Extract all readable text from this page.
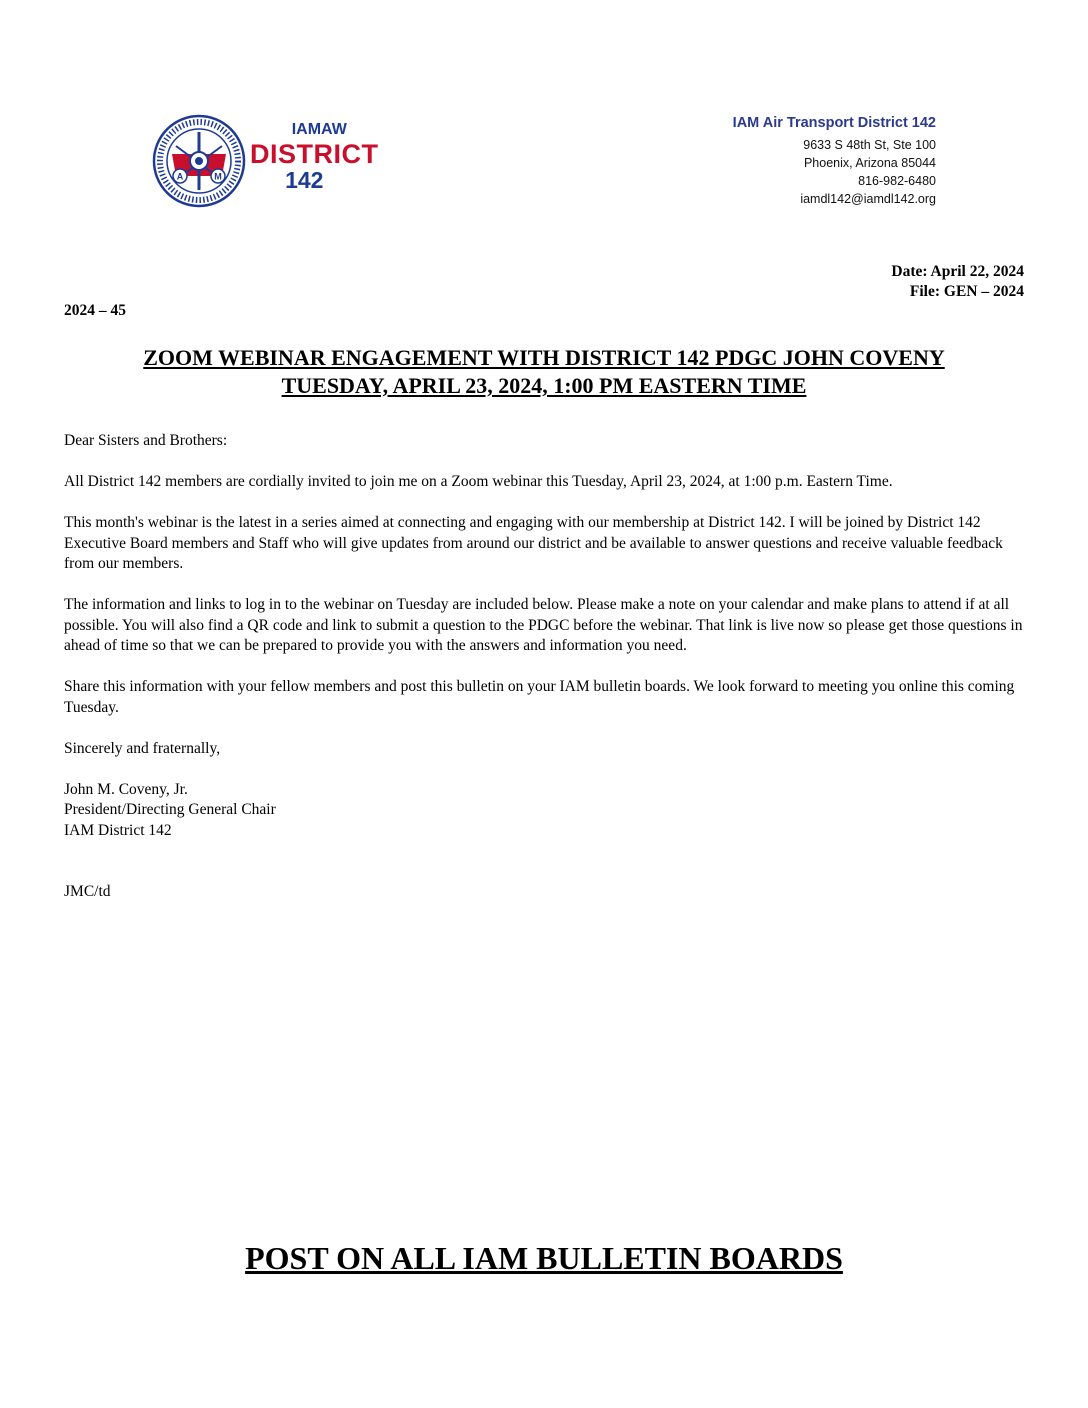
A	M
IAMAW
DISTRICT
142
IAM Air Transport District 142
9633 S 48th St, Ste 100
Phoenix, Arizona 85044
816-982-6480
iamdl142@iamdl142.org
Date: April 22, 2024
File: GEN – 2024
2024 – 45
ZOOM WEBINAR ENGAGEMENT WITH DISTRICT 142 PDGC JOHN COVENY
TUESDAY, APRIL 23, 2024, 1:00 PM EASTERN TIME

Dear Sisters and Brothers:

All District 142 members are cordially invited to join me on a Zoom webinar this Tuesday, April 23, 2024, at 1:00 p.m. Eastern Time.

This month's webinar is the latest in a series aimed at connecting and engaging with our membership at District 142. I will be joined by District 142 Executive Board members and Staff who will give updates from around our district and be available to answer questions and receive valuable feedback from our members.

The information and links to log in to the webinar on Tuesday are included below. Please make a note on your calendar and make plans to attend if at all possible. You will also find a QR code and link to submit a question to the PDGC before the webinar. That link is live now so please get those questions in ahead of time so that we can be prepared to provide you with the answers and information you need.

Share this information with your fellow members and post this bulletin on your IAM bulletin boards. We look forward to meeting you online this coming Tuesday.

Sincerely and fraternally,

John M. Coveny, Jr.

President/Directing General Chair

IAM District 142

JMC/td

POST ON ALL IAM BULLETIN BOARDS
